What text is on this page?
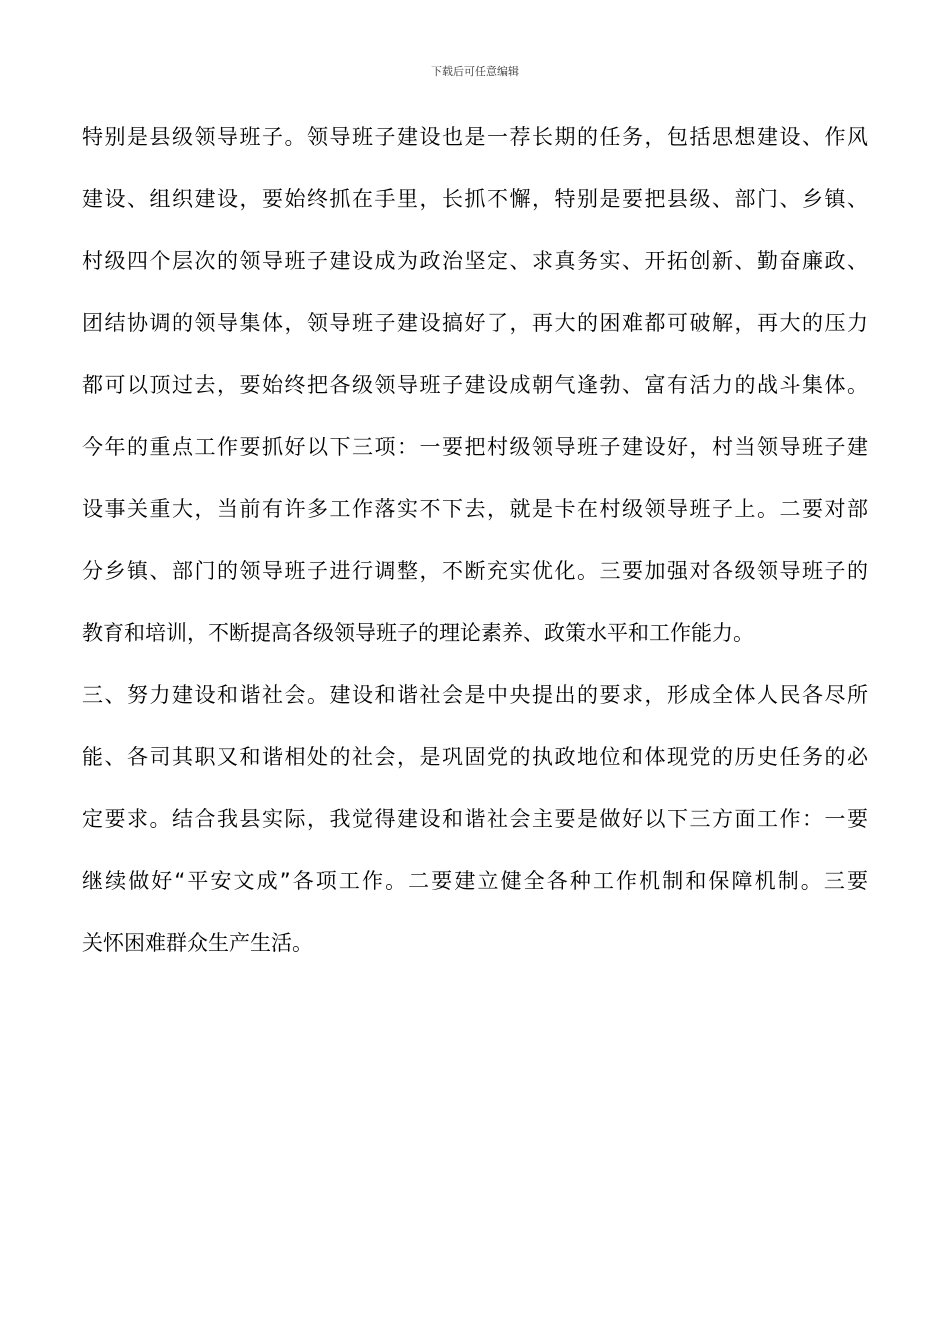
下载后可任意编辑
特别是县级领导班子。领导班子建设也是一荐长期的任务，包括思想建设、作风
建设、组织建设，要始终抓在手里，长抓不懈，特别是要把县级、部门、乡镇、
村级四个层次的领导班子建设成为政治坚定、求真务实、开拓创新、勤奋廉政、
团结协调的领导集体，领导班子建设搞好了，再大的困难都可破解，再大的压力
都可以顶过去，要始终把各级领导班子建设成朝气逢勃、富有活力的战斗集体。
今年的重点工作要抓好以下三项：一要把村级领导班子建设好，村当领导班子建
设事关重大，当前有许多工作落实不下去，就是卡在村级领导班子上。二要对部
分乡镇、部门的领导班子进行调整，不断充实优化。三要加强对各级领导班子的
教育和培训，不断提高各级领导班子的理论素养、政策水平和工作能力。
三、努力建设和谐社会。建设和谐社会是中央提出的要求，形成全体人民各尽所
能、各司其职又和谐相处的社会，是巩固党的执政地位和体现党的历史任务的必
定要求。结合我县实际，我觉得建设和谐社会主要是做好以下三方面工作：一要
继续做好“平安文成”各项工作。二要建立健全各种工作机制和保障机制。三要
关怀困难群众生产生活。
